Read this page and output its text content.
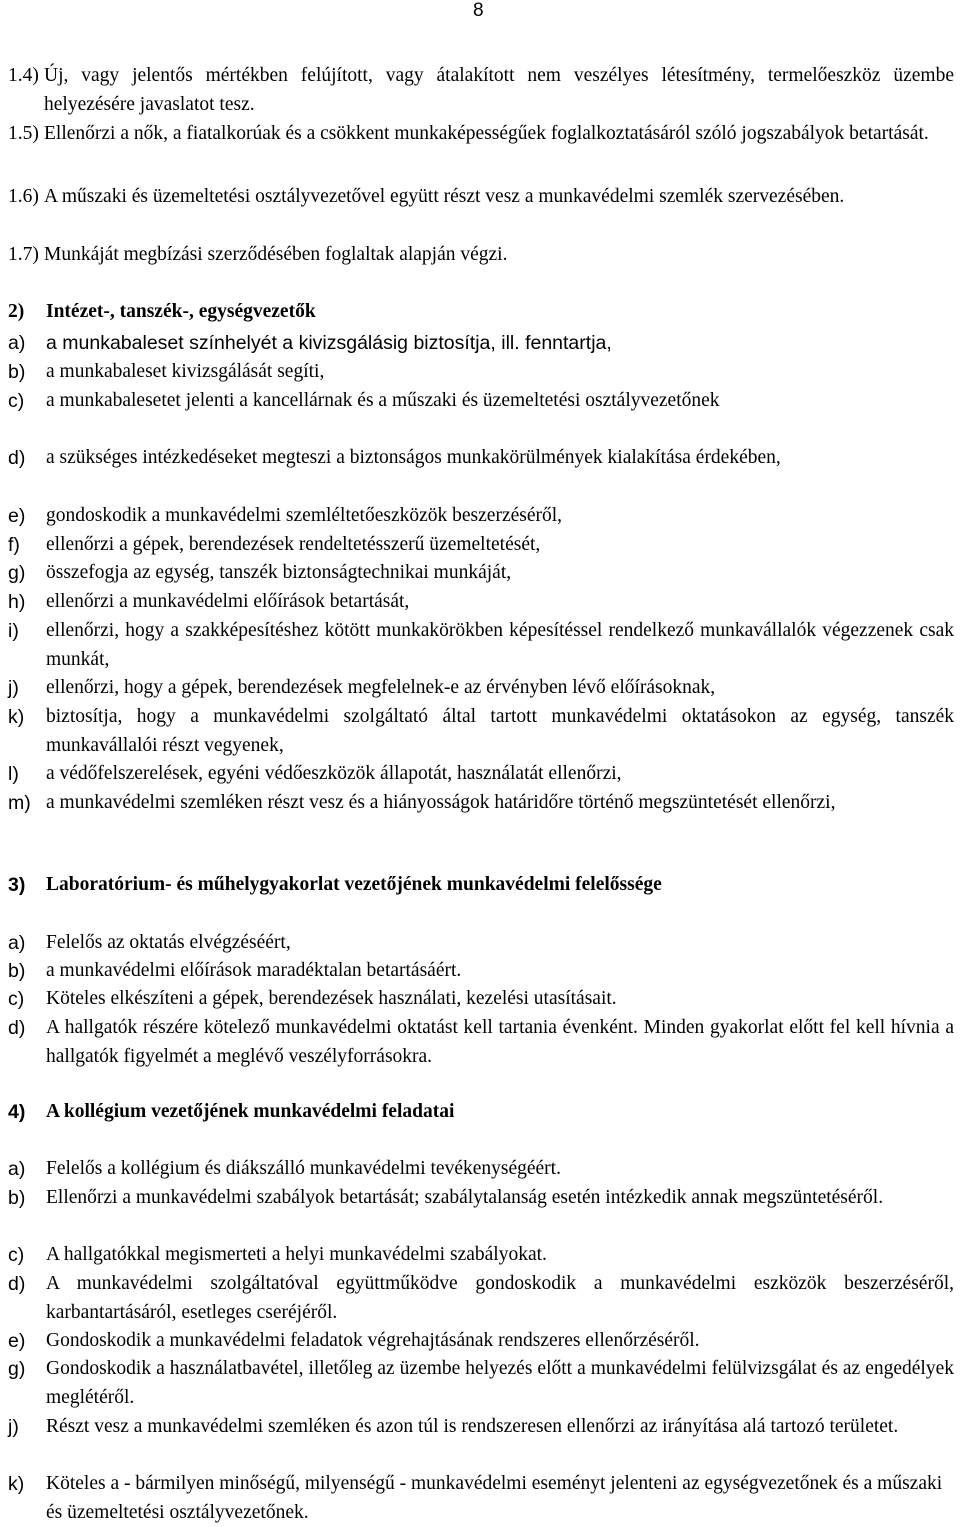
8
1.4) Új, vagy jelentős mértékben felújított, vagy átalakított nem veszélyes létesítmény, termelőeszköz üzembe helyezésére javaslatot tesz.
1.5) Ellenőrzi a nők, a fiatalkorúak és a csökkent munkaképességűek foglalkoztatásáról szóló jogszabályok betartását.
1.6) A műszaki és üzemeltetési osztályvezetővel együtt részt vesz a munkavédelmi szemlék szervezésében.
1.7) Munkáját megbízási szerződésében foglaltak alapján végzi.
2)	Intézet-, tanszék-, egységvezetők
a)	a munkabaleset színhelyét a kivizsgálásig biztosítja, ill. fenntartja,
b)	a munkabaleset kivizsgálását segíti,
c)	a munkabalesetet jelenti a kancellárnak és a műszaki és üzemeltetési osztályvezetőnek
d)	a szükséges intézkedéseket megteszi a biztonságos munkakörülmények kialakítása érdekében,
e)	gondoskodik a munkavédelmi szemléltetőeszközök beszerzéséről,
f)	ellenőrzi a gépek, berendezések rendeltetésszerű üzemeltetését,
g)	összefogja az egység, tanszék biztonságtechnikai munkáját,
h)	ellenőrzi a munkavédelmi előírások betartását,
i)	ellenőrzi, hogy a szakképesítéshez kötött munkakörökben képesítéssel rendelkező munkavállalók végezzenek csak munkát,
j)	ellenőrzi, hogy a gépek, berendezések megfelelnek-e az érvényben lévő előírásoknak,
k)	biztosítja, hogy a munkavédelmi szolgáltató által tartott munkavédelmi oktatásokon az egység, tanszék munkavállalói részt vegyenek,
l)	a védőfelszerelések, egyéni védőeszközök állapotát, használatát ellenőrzi,
m) a munkavédelmi szemléken részt vesz és a hiányosságok határidőre történő megszüntetését ellenőrzi,
3)	Laboratórium- és műhelygyakorlat vezetőjének munkavédelmi felelőssége
a)	Felelős az oktatás elvégzéséért,
b)	a munkavédelmi előírások maradéktalan betartásáért.
c)	Köteles elkészíteni a gépek, berendezések használati, kezelési utasításait.
d)	A hallgatók részére kötelező munkavédelmi oktatást kell tartania évenként. Minden gyakorlat előtt fel kell hívnia a hallgatók figyelmét a meglévő veszélyforrásokra.
4)	A kollégium vezetőjének munkavédelmi feladatai
a)	Felelős a kollégium és diákszálló munkavédelmi tevékenységéért.
b)	Ellenőrzi a munkavédelmi szabályok betartását; szabálytalanság esetén intézkedik annak megszüntetéséről.
c)	A hallgatókkal megismerteti a helyi munkavédelmi szabályokat.
d)	A munkavédelmi szolgáltatóval együttműködve gondoskodik a munkavédelmi eszközök beszerzéséről, karbantartásáról, esetleges cseréjéről.
e)	Gondoskodik a munkavédelmi feladatok végrehajtásának rendszeres ellenőrzéséről.
g)	Gondoskodik a használatbavétel, illetőleg az üzembe helyezés előtt a munkavédelmi felülvizsgálat és az engedélyek meglétéről.
j)	Részt vesz a munkavédelmi szemléken és azon túl is rendszeresen ellenőrzi az irányítása alá tartozó területet.
k)	Köteles a - bármilyen minőségű, milyenségű - munkavédelmi eseményt jelenteni az egységvezetőnek és a műszaki és üzemeltetési osztályvezetőnek.
